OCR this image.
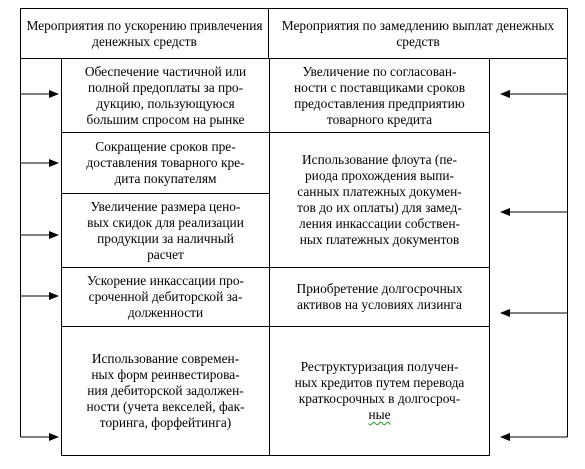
Мероприятия по ускорению привлечения денежных средств
Мероприятия по замедлению выплат денежных средств
Обеспечение частичной или
полной предоплаты за про-
дукцию, пользующуюся
большим спросом на рынке
Сокращение сроков пре-
доставления товарного кре-
дита покупателям
Увеличение размера цено-
вых скидок для реализации
продукции за наличный
расчет
Ускорение инкассации про-
сроченной дебиторской за-
долженности
Использование современ-
ных форм реинвестирова-
ния дебиторской задолжен-
ности (учета векселей, фак-
торинга, форфейтинга)
Увеличение по согласован-
ности с поставщиками сроков
предоставления предприятию
товарного кредита
Использование флоута (пе-
риода прохождения выпи-
санных платежных докумен-
тов до их оплаты) для замед-
ления инкассации собствен-
ных платежных документов
Приобретение долгосрочных
активов на условиях лизинга
Реструктуризация получен-
ных кредитов путем перевода
краткосрочных в долгосроч-
ные
